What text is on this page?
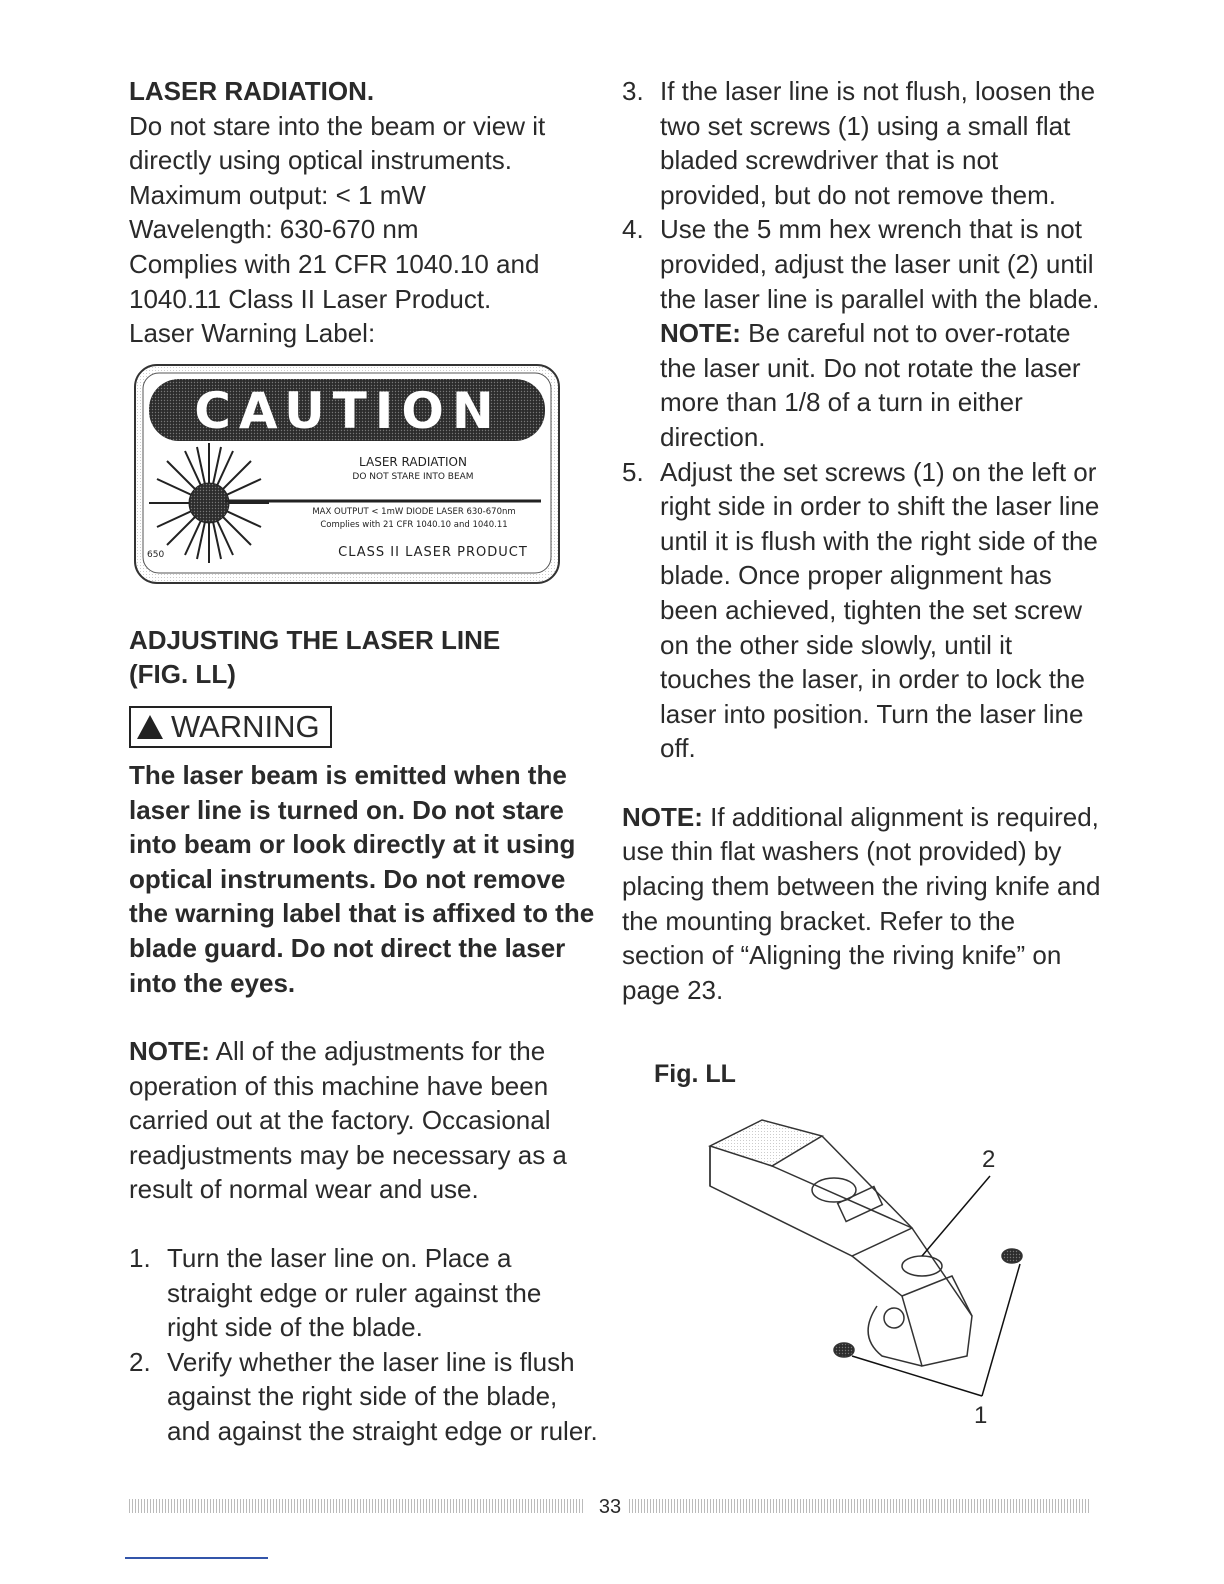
LASER RADIATION.

Do not stare into the beam or view it
directly using optical instruments.
Maximum output: < 1 mW
Wavelength: 630-670 nm
Complies with 21 CFR 1040.10 and
1040.11 Class II Laser Product.
Laser Warning Label:
CAUTION
LASER RADIATION
DO NOT STARE INTO BEAM
MAX OUTPUT < 1mW DIODE LASER 630-670nm
Complies with 21 CFR 1040.10 and 1040.11
CLASS II LASER PRODUCT
650

ADJUSTING THE LASER LINE

(FIG. LL)

WARNING

The laser beam is emitted when the laser line is turned on. Do not stare into beam or look directly at it using optical instruments. Do not remove the warning label that is affixed to the blade guard. Do not direct the laser into the eyes.

NOTE: All of the adjustments for the operation of this machine have been carried out at the factory. Occasional readjustments may be necessary as a result of normal wear and use.

1. Turn the laser line on. Place a straight edge or ruler against the right side of the blade.
2. Verify whether the laser line is flush against the right side of the blade, and against the straight edge or ruler.
3. If the laser line is not flush, loosen the two set screws (1) using a small flat bladed screwdriver that is not provided, but do not remove them.
4. Use the 5 mm hex wrench that is not provided, adjust the laser unit (2) until the laser line is parallel with the blade.
NOTE: Be careful not to over-rotate the laser unit. Do not rotate the laser more than 1/8 of a turn in either direction.
5. Adjust the set screws (1) on the left or right side in order to shift the laser line until it is flush with the right side of the blade. Once proper alignment has been achieved, tighten the set screw on the other side slowly, until it touches the laser, in order to lock the laser into position. Turn the laser line off.

NOTE: If additional alignment is required, use thin flat washers (not provided) by placing them between the riving knife and the mounting bracket. Refer to the section of “Aligning the riving knife” on page 23.

Fig. LL

2
1
33
